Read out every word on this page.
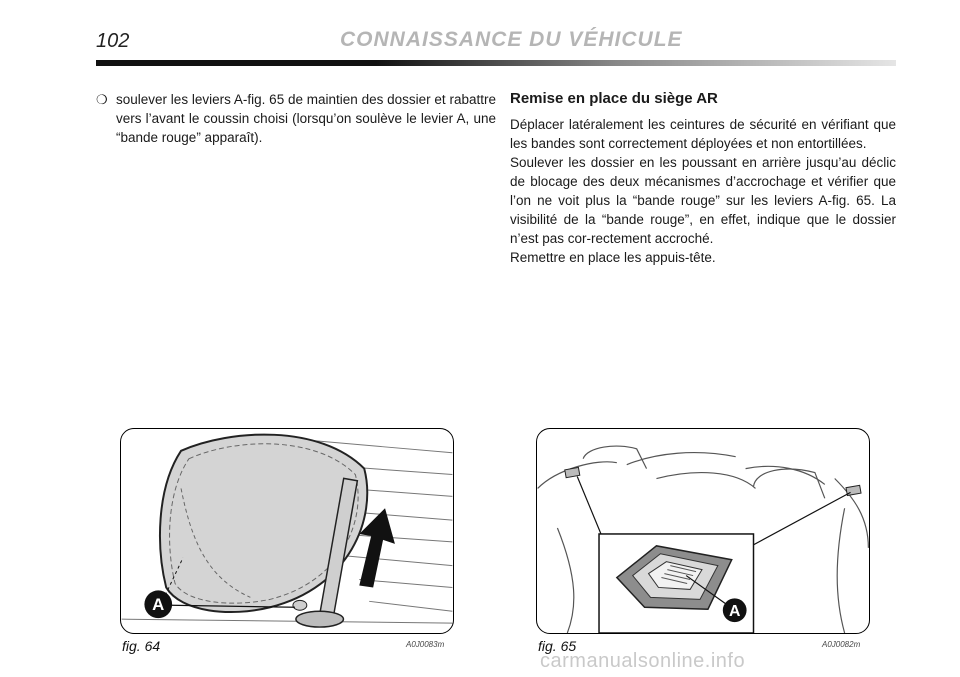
102	CONNAISSANCE DU VÉHICULE
❍ soulever les leviers A-fig. 65 de maintien des dossier et rabattre vers l’avant le coussin choisi (lorsqu’on soulève le levier A, une “bande rouge” apparaît).
Remise en place du siège AR

Déplacer latéralement les ceintures de sécurité en vérifiant que les bandes sont correctement déployées et non entortillées.

Soulever les dossier en les poussant en arrière jusqu’au déclic de blocage des deux mécanismes d’accrochage et vérifier que l’on ne voit plus la “bande rouge” sur les leviers A-fig. 65. La visibilité de la “bande rouge”, en effet, indique que le dossier n’est pas cor-rectement accroché.

Remettre en place les appuis-tête.

A
fig. 64	A0J0083m
A
fig. 65	A0J0082m
carmanualsonline.info
